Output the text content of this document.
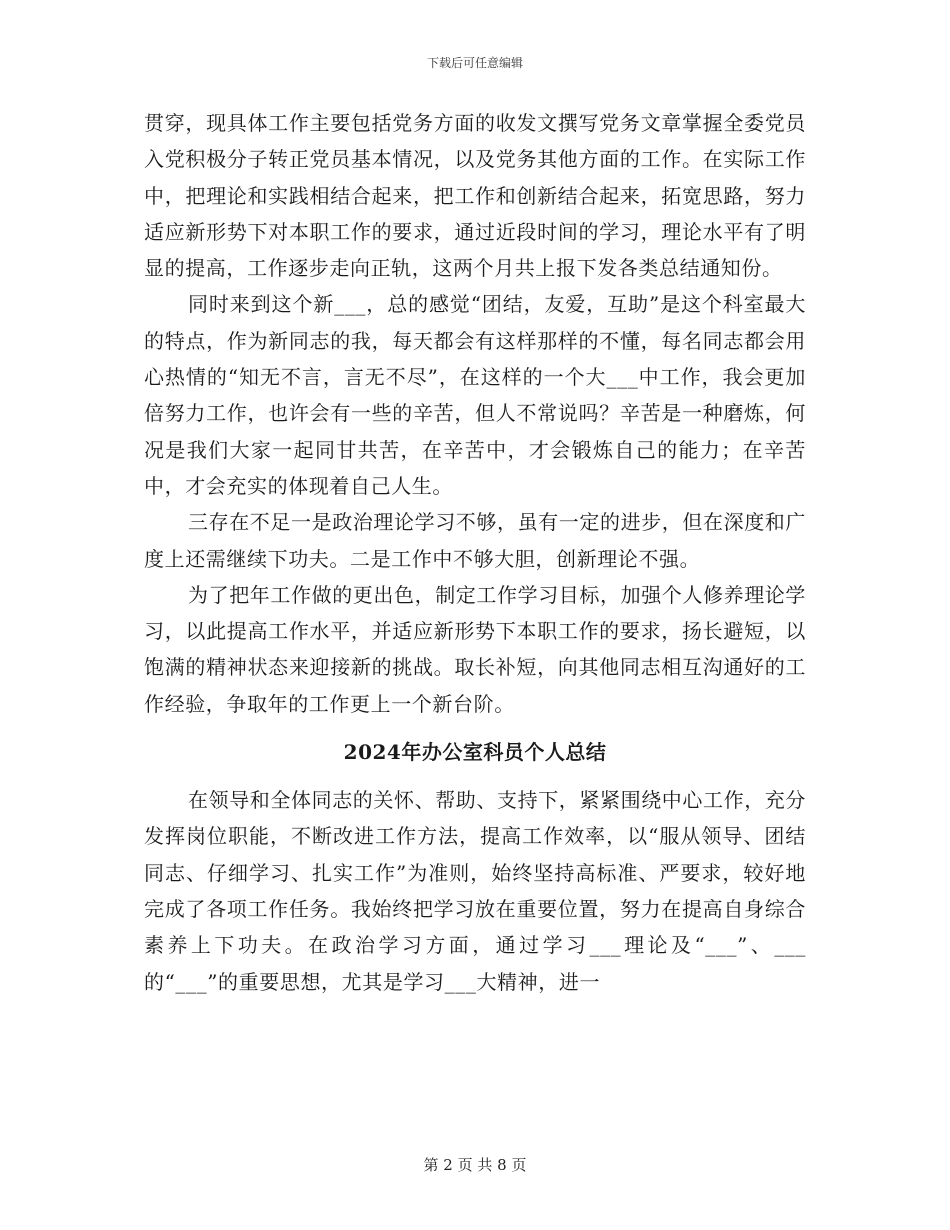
下载后可任意编辑

贯穿，现具体工作主要包括党务方面的收发文撰写党务文章掌握全委党员入党积极分子转正党员基本情况，以及党务其他方面的工作。在实际工作中，把理论和实践相结合起来，把工作和创新结合起来，拓宽思路，努力适应新形势下对本职工作的要求，通过近段时间的学习，理论水平有了明显的提高，工作逐步走向正轨，这两个月共上报下发各类总结通知份。

同时来到这个新___，总的感觉“团结，友爱，互助”是这个科室最大的特点，作为新同志的我，每天都会有这样那样的不懂，每名同志都会用心热情的“知无不言，言无不尽”，在这样的一个大___中工作，我会更加倍努力工作，也许会有一些的辛苦，但人不常说吗？辛苦是一种磨炼，何况是我们大家一起同甘共苦，在辛苦中，才会锻炼自己的能力；在辛苦中，才会充实的体现着自己人生。

三存在不足一是政治理论学习不够，虽有一定的进步，但在深度和广度上还需继续下功夫。二是工作中不够大胆，创新理论不强。

为了把年工作做的更出色，制定工作学习目标，加强个人修养理论学习，以此提高工作水平，并适应新形势下本职工作的要求，扬长避短，以饱满的精神状态来迎接新的挑战。取长补短，向其他同志相互沟通好的工作经验，争取年的工作更上一个新台阶。

2024年办公室科员个人总结

在领导和全体同志的关怀、帮助、支持下，紧紧围绕中心工作，充分发挥岗位职能，不断改进工作方法，提高工作效率，以“服从领导、团结同志、仔细学习、扎实工作”为准则，始终坚持高标准、严要求，较好地完成了各项工作任务。我始终把学习放在重要位置，努力在提高自身综合素养上下功夫。在政治学习方面，通过学习___理论及“___”、___的“___”的重要思想，尤其是学习___大精神，进一

第 2 页 共 8 页
